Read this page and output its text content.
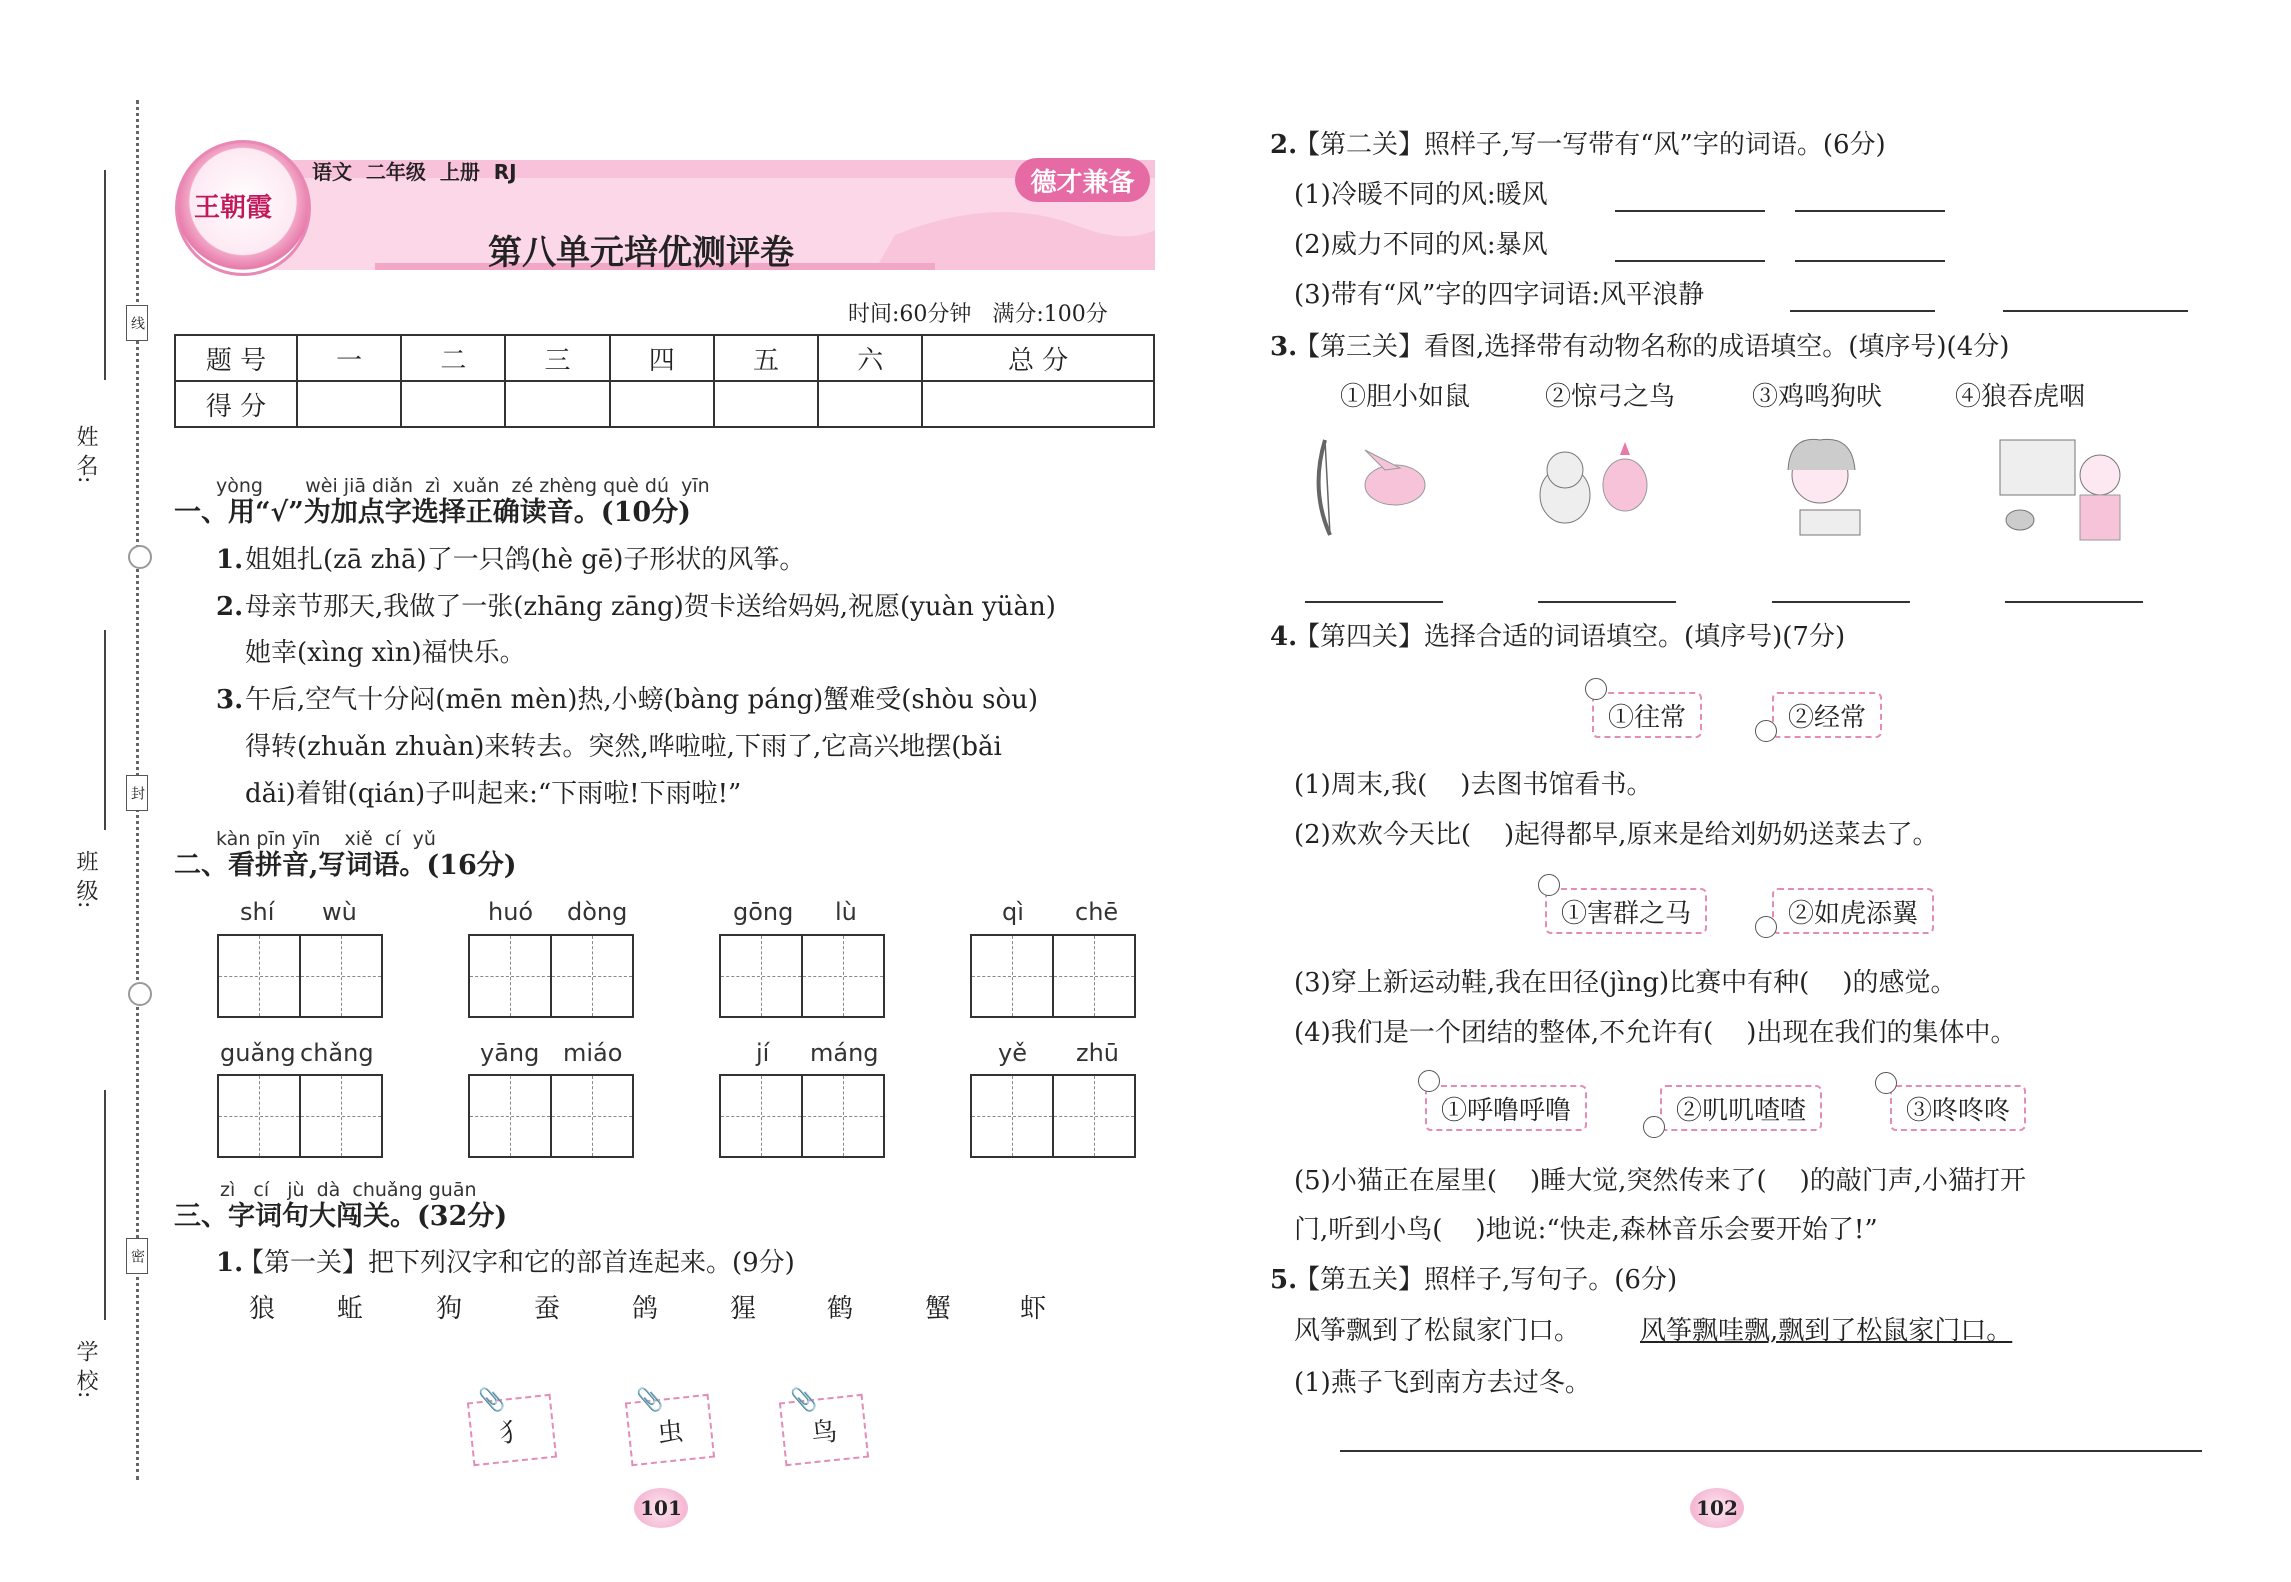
姓 名:
线
班 级:
封
学 校:
密
王朝霞
语文  二年级  上册  RJ	德才兼备
第八单元培优测评卷
时间:60分钟   满分:100分
题 号	一	二	三	四	五	六	总 分
得 分							
yòng       wèi jiā diǎn  zì  xuǎn  zé zhèng què dú  yīn
一、用“√”为加点字选择正确读音。(10分)
1. 姐姐扎(zā zhā)了一只鸽(hè gē)子形状的风筝。
2. 母亲节那天,我做了一张(zhāng zāng)贺卡送给妈妈,祝愿(yuàn yüàn)
她幸(xìng xìn)福快乐。
3. 午后,空气十分闷(mēn mèn)热,小螃(bàng páng)蟹难受(shòu sòu)
得转(zhuǎn zhuàn)来转去。突然,哗啦啦,下雨了,它高兴地摆(bǎi
dǎi)着钳(qián)子叫起来:“下雨啦!下雨啦!”
kàn pīn yīn    xiě  cí  yǔ
二、看拼音,写词语。(16分)
shí wù	huó dòng	gōng lù	qì chē
guǎng chǎng	yāng miáo	jí máng	yě zhū
zì   cí   jù  dà  chuǎng guān
三、字词句大闯关。(32分)
1.
【第一关】把下列汉字和它的部首连起来。(9分)
狼 蚯	狗	蚕	鸽	猩	鹤	蟹	虾
犭
📎
虫
📎
鸟
📎
101	102
2.
【第二关】照样子,写一写带有“风”字的词语。(6分)
(1)冷暖不同的风:暖风
(2)威力不同的风:暴风
(3)带有“风”字的四字词语:风平浪静
3.
【第三关】看图,选择带有动物名称的成语填空。(填序号)(4分)
①胆小如鼠	②惊弓之鸟	③鸡鸣狗吠	④狼吞虎咽
4.
【第四关】选择合适的词语填空。(填序号)(7分)
①往常	②经常
(1)周末,我(    )去图书馆看书。
(2)欢欢今天比(    )起得都早,原来是给刘奶奶送菜去了。
①害群之马	②如虎添翼
(3)穿上新运动鞋,我在田径(jìng)比赛中有种(    )的感觉。
(4)我们是一个团结的整体,不允许有(    )出现在我们的集体中。
①呼噜呼噜	②叽叽喳喳	③咚咚咚
(5)小猫正在屋里(    )睡大觉,突然传来了(    )的敲门声,小猫打开
门,听到小鸟(    )地说:“快走,森林音乐会要开始了!”
5.
【第五关】照样子,写句子。(6分)
风筝飘到了松鼠家门口。 风筝飘哇飘,飘到了松鼠家门口。
(1)燕子飞到南方去过冬。
